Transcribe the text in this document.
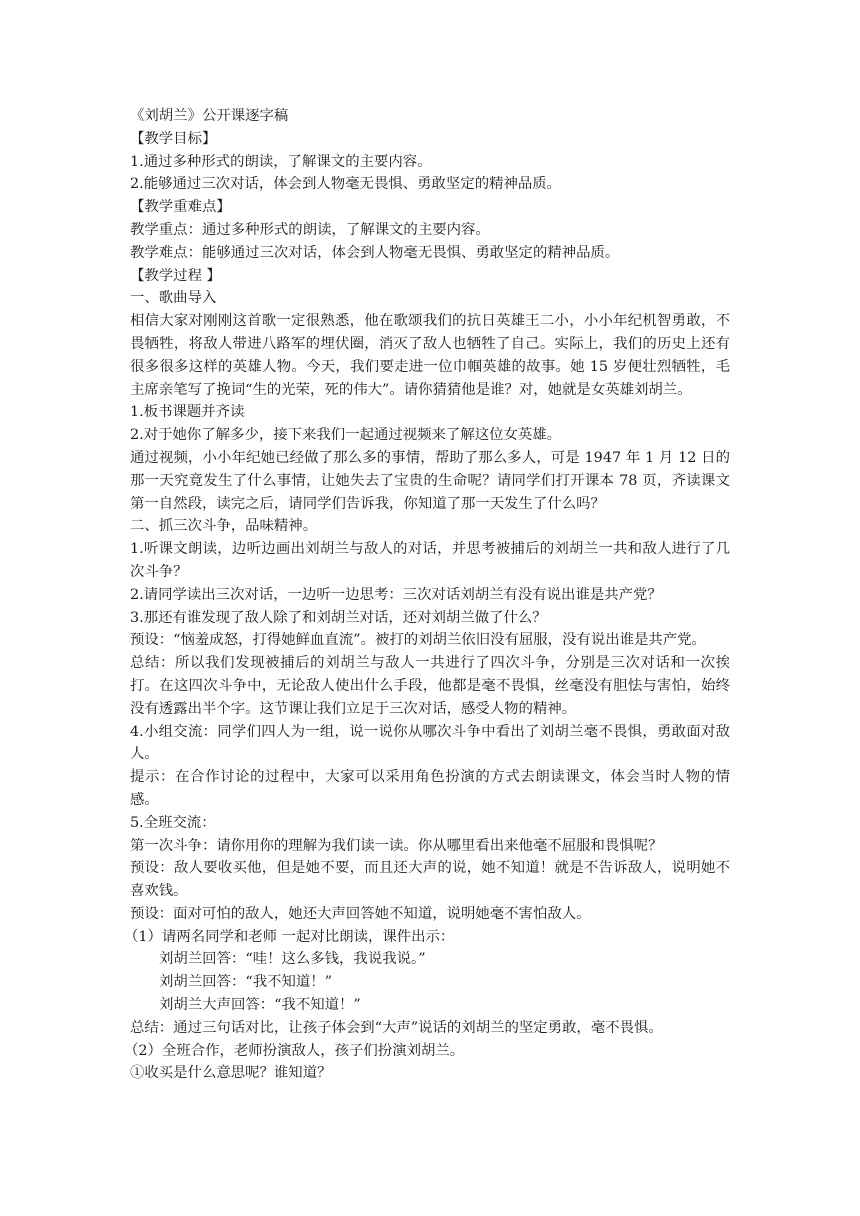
《刘胡兰》公开课逐字稿

【教学目标】

1.通过多种形式的朗读，了解课文的主要内容。

2.能够通过三次对话，体会到人物毫无畏惧、勇敢坚定的精神品质。

【教学重难点】

教学重点：通过多种形式的朗读，了解课文的主要内容。

教学难点：能够通过三次对话，体会到人物毫无畏惧、勇敢坚定的精神品质。

【教学过程 】

一、歌曲导入

相信大家对刚刚这首歌一定很熟悉，他在歌颂我们的抗日英雄王二小，小小年纪机智勇敢，不畏牺牲，将敌人带进八路军的埋伏圈，消灭了敌人也牺牲了自己。实际上，我们的历史上还有很多很多这样的英雄人物。今天，我们要走进一位巾帼英雄的故事。她 15 岁便壮烈牺牲，毛主席亲笔写了挽词“生的光荣，死的伟大”。请你猜猜他是谁？对，她就是女英雄刘胡兰。

1.板书课题并齐读

2.对于她你了解多少，接下来我们一起通过视频来了解这位女英雄。

通过视频，小小年纪她已经做了那么多的事情，帮助了那么多人，可是 1947 年 1 月 12 日的那一天究竟发生了什么事情，让她失去了宝贵的生命呢？请同学们打开课本 78 页，齐读课文第一自然段，读完之后，请同学们告诉我，你知道了那一天发生了什么吗？

二、抓三次斗争，品味精神。

1.听课文朗读，边听边画出刘胡兰与敌人的对话，并思考被捕后的刘胡兰一共和敌人进行了几次斗争？

2.请同学读出三次对话，一边听一边思考：三次对话刘胡兰有没有说出谁是共产党？

3.那还有谁发现了敌人除了和刘胡兰对话，还对刘胡兰做了什么？

预设：“恼羞成怒，打得她鲜血直流”。被打的刘胡兰依旧没有屈服，没有说出谁是共产党。

总结：所以我们发现被捕后的刘胡兰与敌人一共进行了四次斗争，分别是三次对话和一次挨打。在这四次斗争中，无论敌人使出什么手段，他都是毫不畏惧，丝毫没有胆怯与害怕，始终没有透露出半个字。这节课让我们立足于三次对话，感受人物的精神。

4.小组交流：同学们四人为一组，说一说你从哪次斗争中看出了刘胡兰毫不畏惧，勇敢面对敌人。

提示：在合作讨论的过程中，大家可以采用角色扮演的方式去朗读课文，体会当时人物的情感。

5.全班交流：

第一次斗争：请你用你的理解为我们读一读。你从哪里看出来他毫不屈服和畏惧呢？

预设：敌人要收买他，但是她不要，而且还大声的说，她不知道！就是不告诉敌人，说明她不喜欢钱。

预设：面对可怕的敌人，她还大声回答她不知道，说明她毫不害怕敌人。

（1）请两名同学和老师 一起对比朗读，课件出示：

刘胡兰回答：“哇！这么多钱，我说我说。”

刘胡兰回答：“我不知道！”

刘胡兰大声回答：“我不知道！”

总结：通过三句话对比，让孩子体会到“大声”说话的刘胡兰的坚定勇敢，毫不畏惧。

（2）全班合作，老师扮演敌人，孩子们扮演刘胡兰。

①收买是什么意思呢？谁知道？
